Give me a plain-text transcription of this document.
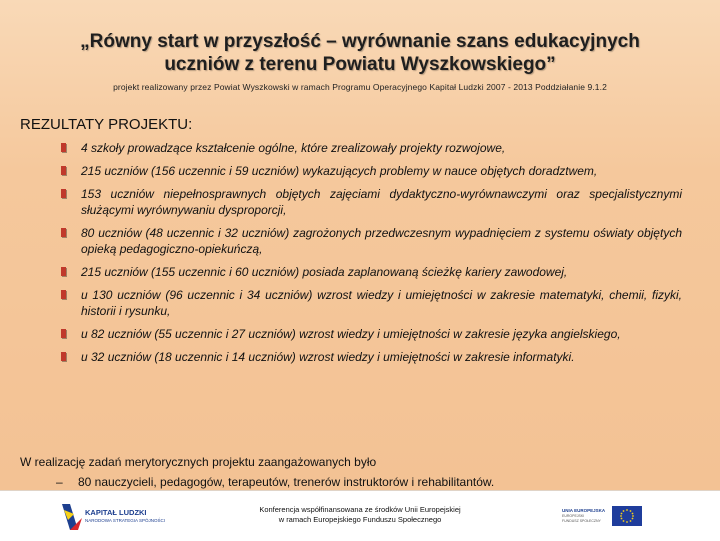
„Równy start w przyszłość – wyrównanie szans edukacyjnych
uczniów z terenu Powiatu Wyszkowskiego”
projekt realizowany przez Powiat Wyszkowski w ramach Programu Operacyjnego Kapitał Ludzki 2007 - 2013 Poddziałanie 9.1.2
REZULTATY PROJEKTU:
4 szkoły prowadzące kształcenie ogólne, które zrealizowały projekty rozwojowe,
215 uczniów (156 uczennic i 59 uczniów) wykazujących problemy w nauce objętych doradztwem,
153 uczniów niepełnosprawnych objętych zajęciami dydaktyczno-wyrównawczymi oraz specjalistycznymi służącymi wyrównywaniu dysproporcji,
80 uczniów (48 uczennic i 32 uczniów) zagrożonych przedwczesnym wypadnięciem z systemu oświaty objętych opieką pedagogiczno-opiekuńczą,
215 uczniów (155 uczennic i 60 uczniów) posiada zaplanowaną ścieżkę kariery zawodowej,
u 130 uczniów (96 uczennic i 34 uczniów) wzrost wiedzy i umiejętności w zakresie matematyki, chemii, fizyki, historii i rysunku,
u 82 uczniów (55 uczennic i 27 uczniów) wzrost wiedzy i umiejętności w zakresie języka angielskiego,
u 32 uczniów (18 uczennic i 14 uczniów) wzrost wiedzy i umiejętności w zakresie informatyki.
W realizację zadań merytorycznych projektu zaangażowanych było
– 80 nauczycieli, pedagogów, terapeutów, trenerów instruktorów i rehabilitantów.
KAPITAŁ LUDZKI
NARODOWA STRATEGIA SPÓJNOŚCI
Konferencja współfinansowana ze środków Unii Europejskiej
w ramach Europejskiego Funduszu Społecznego
UNIA EUROPEJSKA
EUROPEJSKI
FUNDUSZ SPOŁECZNY
